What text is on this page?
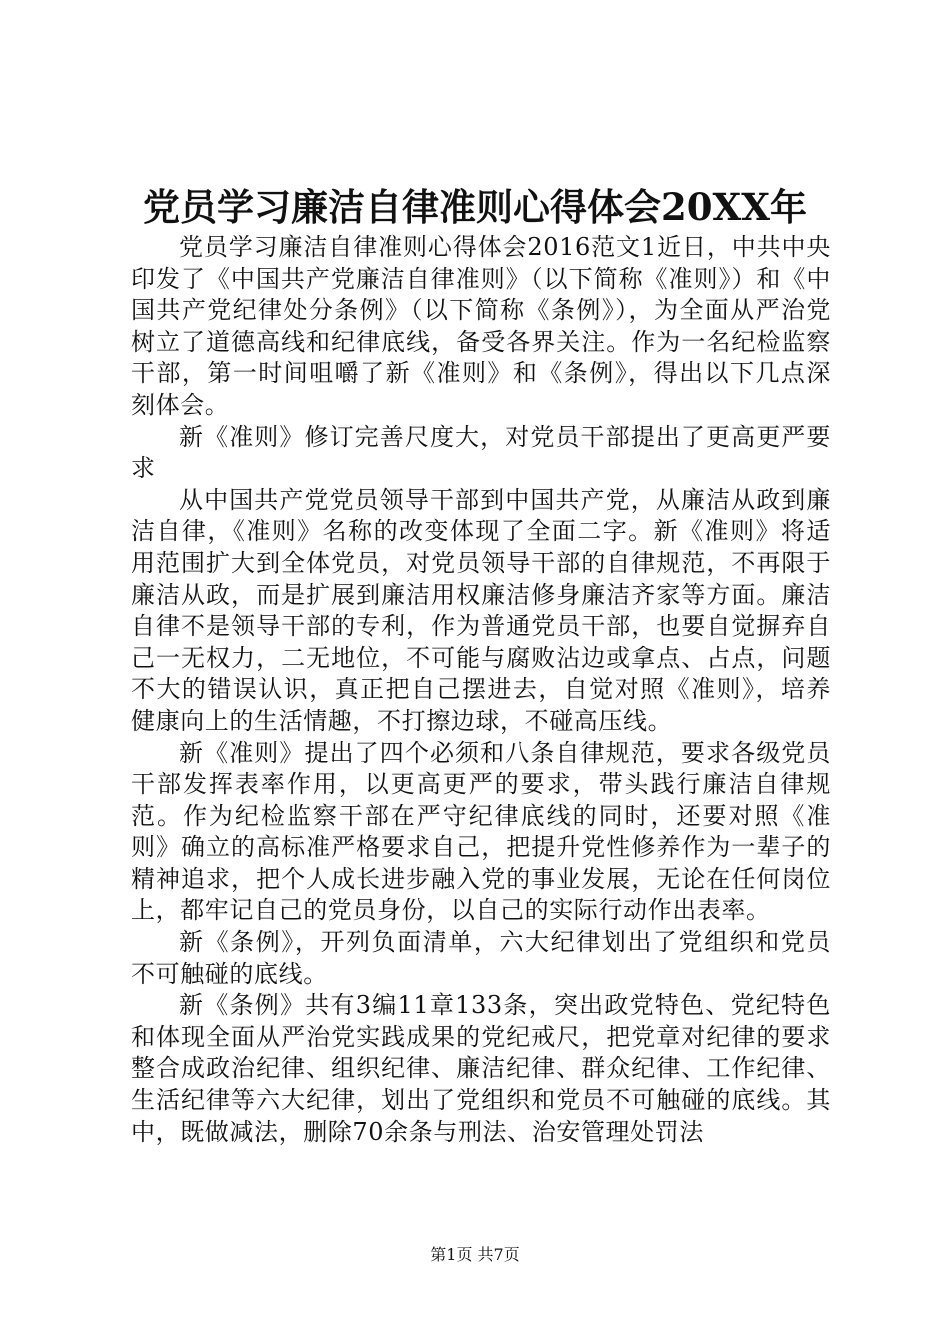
党员学习廉洁自律准则心得体会20XX年

党员学习廉洁自律准则心得体会2016范文1近日，中共中央印发了《中国共产党廉洁自律准则》（以下简称《准则》）和《中国共产党纪律处分条例》（以下简称《条例》），为全面从严治党树立了道德高线和纪律底线，备受各界关注。作为一名纪检监察干部，第一时间咀嚼了新《准则》和《条例》，得出以下几点深刻体会。

新《准则》修订完善尺度大，对党员干部提出了更高更严要求

从中国共产党党员领导干部到中国共产党，从廉洁从政到廉洁自律，《准则》名称的改变体现了全面二字。新《准则》将适用范围扩大到全体党员，对党员领导干部的自律规范，不再限于廉洁从政，而是扩展到廉洁用权廉洁修身廉洁齐家等方面。廉洁自律不是领导干部的专利，作为普通党员干部，也要自觉摒弃自己一无权力，二无地位，不可能与腐败沾边或拿点、占点，问题不大的错误认识，真正把自己摆进去，自觉对照《准则》，培养健康向上的生活情趣，不打擦边球，不碰高压线。

新《准则》提出了四个必须和八条自律规范，要求各级党员干部发挥表率作用，以更高更严的要求，带头践行廉洁自律规范。作为纪检监察干部在严守纪律底线的同时，还要对照《准则》确立的高标准严格要求自己，把提升党性修养作为一辈子的精神追求，把个人成长进步融入党的事业发展，无论在任何岗位上，都牢记自己的党员身份，以自己的实际行动作出表率。

新《条例》，开列负面清单，六大纪律划出了党组织和党员不可触碰的底线。

新《条例》共有3编11章133条，突出政党特色、党纪特色和体现全面从严治党实践成果的党纪戒尺，把党章对纪律的要求整合成政治纪律、组织纪律、廉洁纪律、群众纪律、工作纪律、生活纪律等六大纪律，划出了党组织和党员不可触碰的底线。其中，既做减法，删除70余条与刑法、治安管理处罚法

第1页 共7页
